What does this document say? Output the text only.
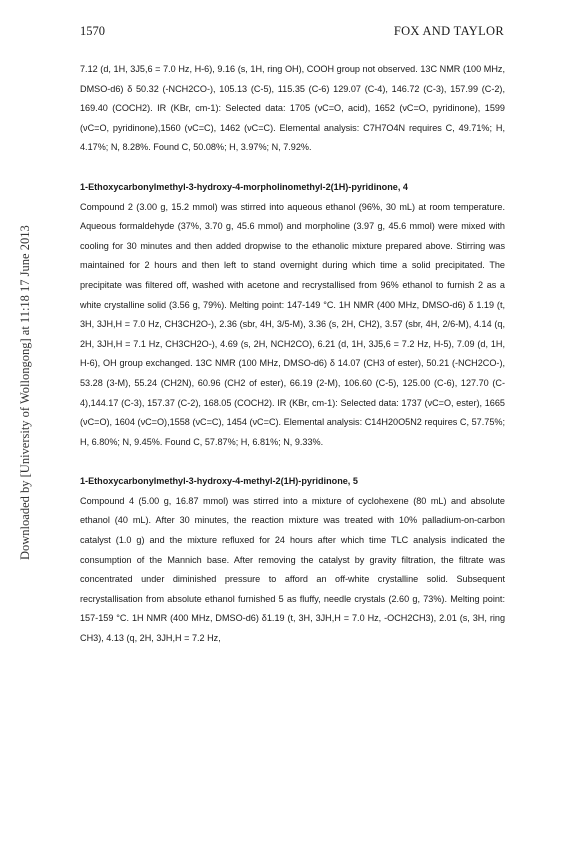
1570	FOX AND TAYLOR
Downloaded by [University of Wollongong] at 11:18 17 June 2013

7.12 (d, 1H, 3J5,6 = 7.0 Hz, H-6), 9.16 (s, 1H, ring OH), COOH group not observed. 13C NMR (100 MHz, DMSO-d6) δ 50.32 (-NCH2CO-), 105.13 (C-5), 115.35 (C-6) 129.07 (C-4), 146.72 (C-3), 157.99 (C-2), 169.40 (COCH2). IR (KBr, cm-1): Selected data: 1705 (νC=O, acid), 1652 (νC=O, pyridinone), 1599 (νC=O, pyridinone),1560 (νC=C), 1462 (νC=C). Elemental analysis: C7H7O4N requires C, 49.71%; H, 4.17%; N, 8.28%. Found C, 50.08%; H, 3.97%; N, 7.92%.

1-Ethoxycarbonylmethyl-3-hydroxy-4-morpholinomethyl-2(1H)-pyridinone, 4

Compound 2 (3.00 g, 15.2 mmol) was stirred into aqueous ethanol (96%, 30 mL) at room temperature. Aqueous formaldehyde (37%, 3.70 g, 45.6 mmol) and morpholine (3.97 g, 45.6 mmol) were mixed with cooling for 30 minutes and then added dropwise to the ethanolic mixture prepared above. Stirring was maintained for 2 hours and then left to stand overnight during which time a solid precipitated. The precipitate was filtered off, washed with acetone and recrystallised from 96% ethanol to furnish 2 as a white crystalline solid (3.56 g, 79%). Melting point: 147-149 °C. 1H NMR (400 MHz, DMSO-d6) δ 1.19 (t, 3H, 3JH,H = 7.0 Hz, CH3CH2O-), 2.36 (sbr, 4H, 3/5-M), 3.36 (s, 2H, CH2), 3.57 (sbr, 4H, 2/6-M), 4.14 (q, 2H, 3JH,H = 7.1 Hz, CH3CH2O-), 4.69 (s, 2H, NCH2CO), 6.21 (d, 1H, 3J5,6 = 7.2 Hz, H-5), 7.09 (d, 1H, H-6), OH group exchanged. 13C NMR (100 MHz, DMSO-d6) δ 14.07 (CH3 of ester), 50.21 (-NCH2CO-), 53.28 (3-M), 55.24 (CH2N), 60.96 (CH2 of ester), 66.19 (2-M), 106.60 (C-5), 125.00 (C-6), 127.70 (C-4),144.17 (C-3), 157.37 (C-2), 168.05 (COCH2). IR (KBr, cm-1): Selected data: 1737 (νC=O, ester), 1665 (νC=O), 1604 (νC=O),1558 (νC=C), 1454 (νC=C). Elemental analysis: C14H20O5N2 requires C, 57.75%; H, 6.80%; N, 9.45%. Found C, 57.87%; H, 6.81%; N, 9.33%.

1-Ethoxycarbonylmethyl-3-hydroxy-4-methyl-2(1H)-pyridinone, 5

Compound 4 (5.00 g, 16.87 mmol) was stirred into a mixture of cyclohexene (80 mL) and absolute ethanol (40 mL). After 30 minutes, the reaction mixture was treated with 10% palladium-on-carbon catalyst (1.0 g) and the mixture refluxed for 24 hours after which time TLC analysis indicated the consumption of the Mannich base. After removing the catalyst by gravity filtration, the filtrate was concentrated under diminished pressure to afford an off-white crystalline solid. Subsequent recrystallisation from absolute ethanol furnished 5 as fluffy, needle crystals (2.60 g, 73%). Melting point: 157-159 °C. 1H NMR (400 MHz, DMSO-d6) δ1.19 (t, 3H, 3JH,H = 7.0 Hz, -OCH2CH3), 2.01 (s, 3H, ring CH3), 4.13 (q, 2H, 3JH,H = 7.2 Hz,
